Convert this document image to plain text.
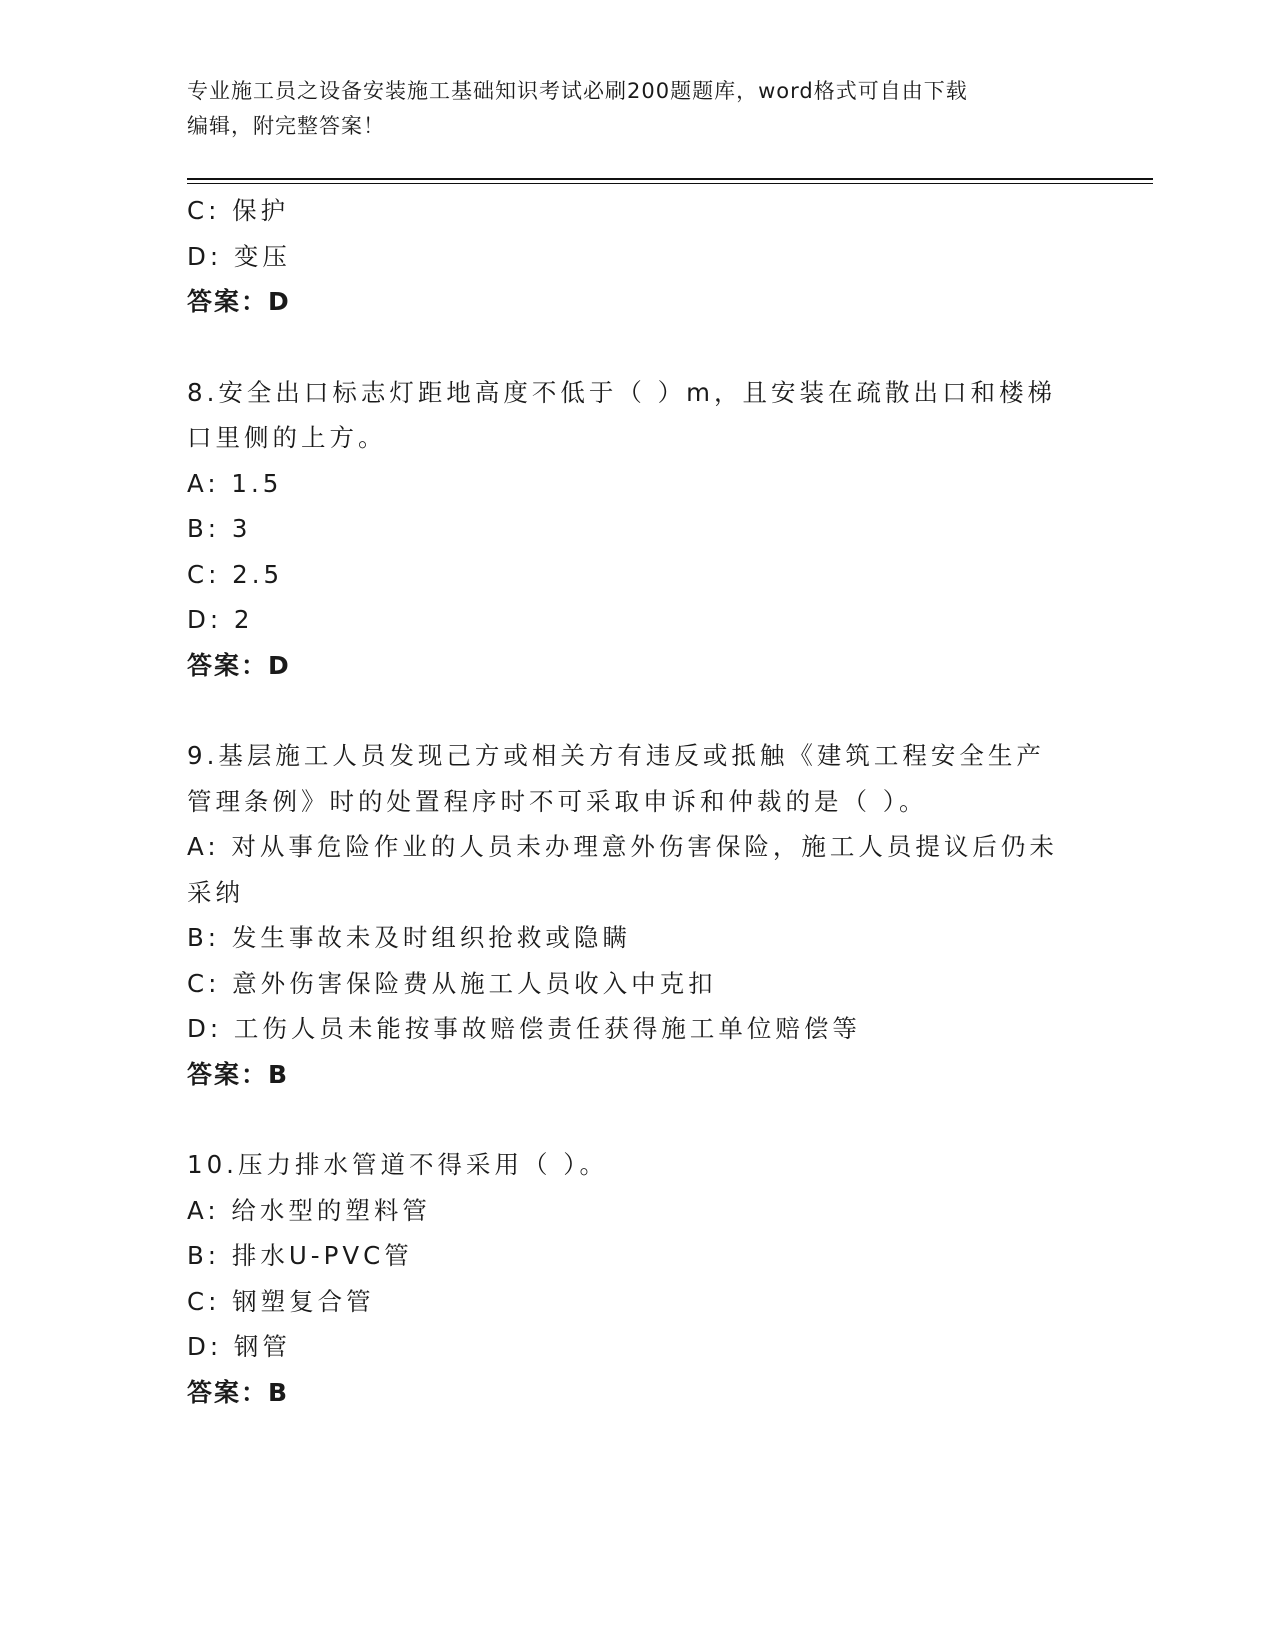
专业施工员之设备安装施工基础知识考试必刷200题题库，word格式可自由下载
编辑，附完整答案！
C: 保护
D: 变压
答案：D
8.安全出口标志灯距地高度不低于（ ）m，且安装在疏散出口和楼梯
口里侧的上方。
A: 1.5
B: 3
C: 2.5
D: 2
答案：D
9.基层施工人员发现己方或相关方有违反或抵触《建筑工程安全生产
管理条例》时的处置程序时不可采取申诉和仲裁的是（ ）。
A: 对从事危险作业的人员未办理意外伤害保险，施工人员提议后仍未
采纳
B: 发生事故未及时组织抢救或隐瞒
C: 意外伤害保险费从施工人员收入中克扣
D: 工伤人员未能按事故赔偿责任获得施工单位赔偿等
答案：B
10.压力排水管道不得采用（ ）。
A: 给水型的塑料管
B: 排水U-PVC管
C: 钢塑复合管
D: 钢管
答案：B
